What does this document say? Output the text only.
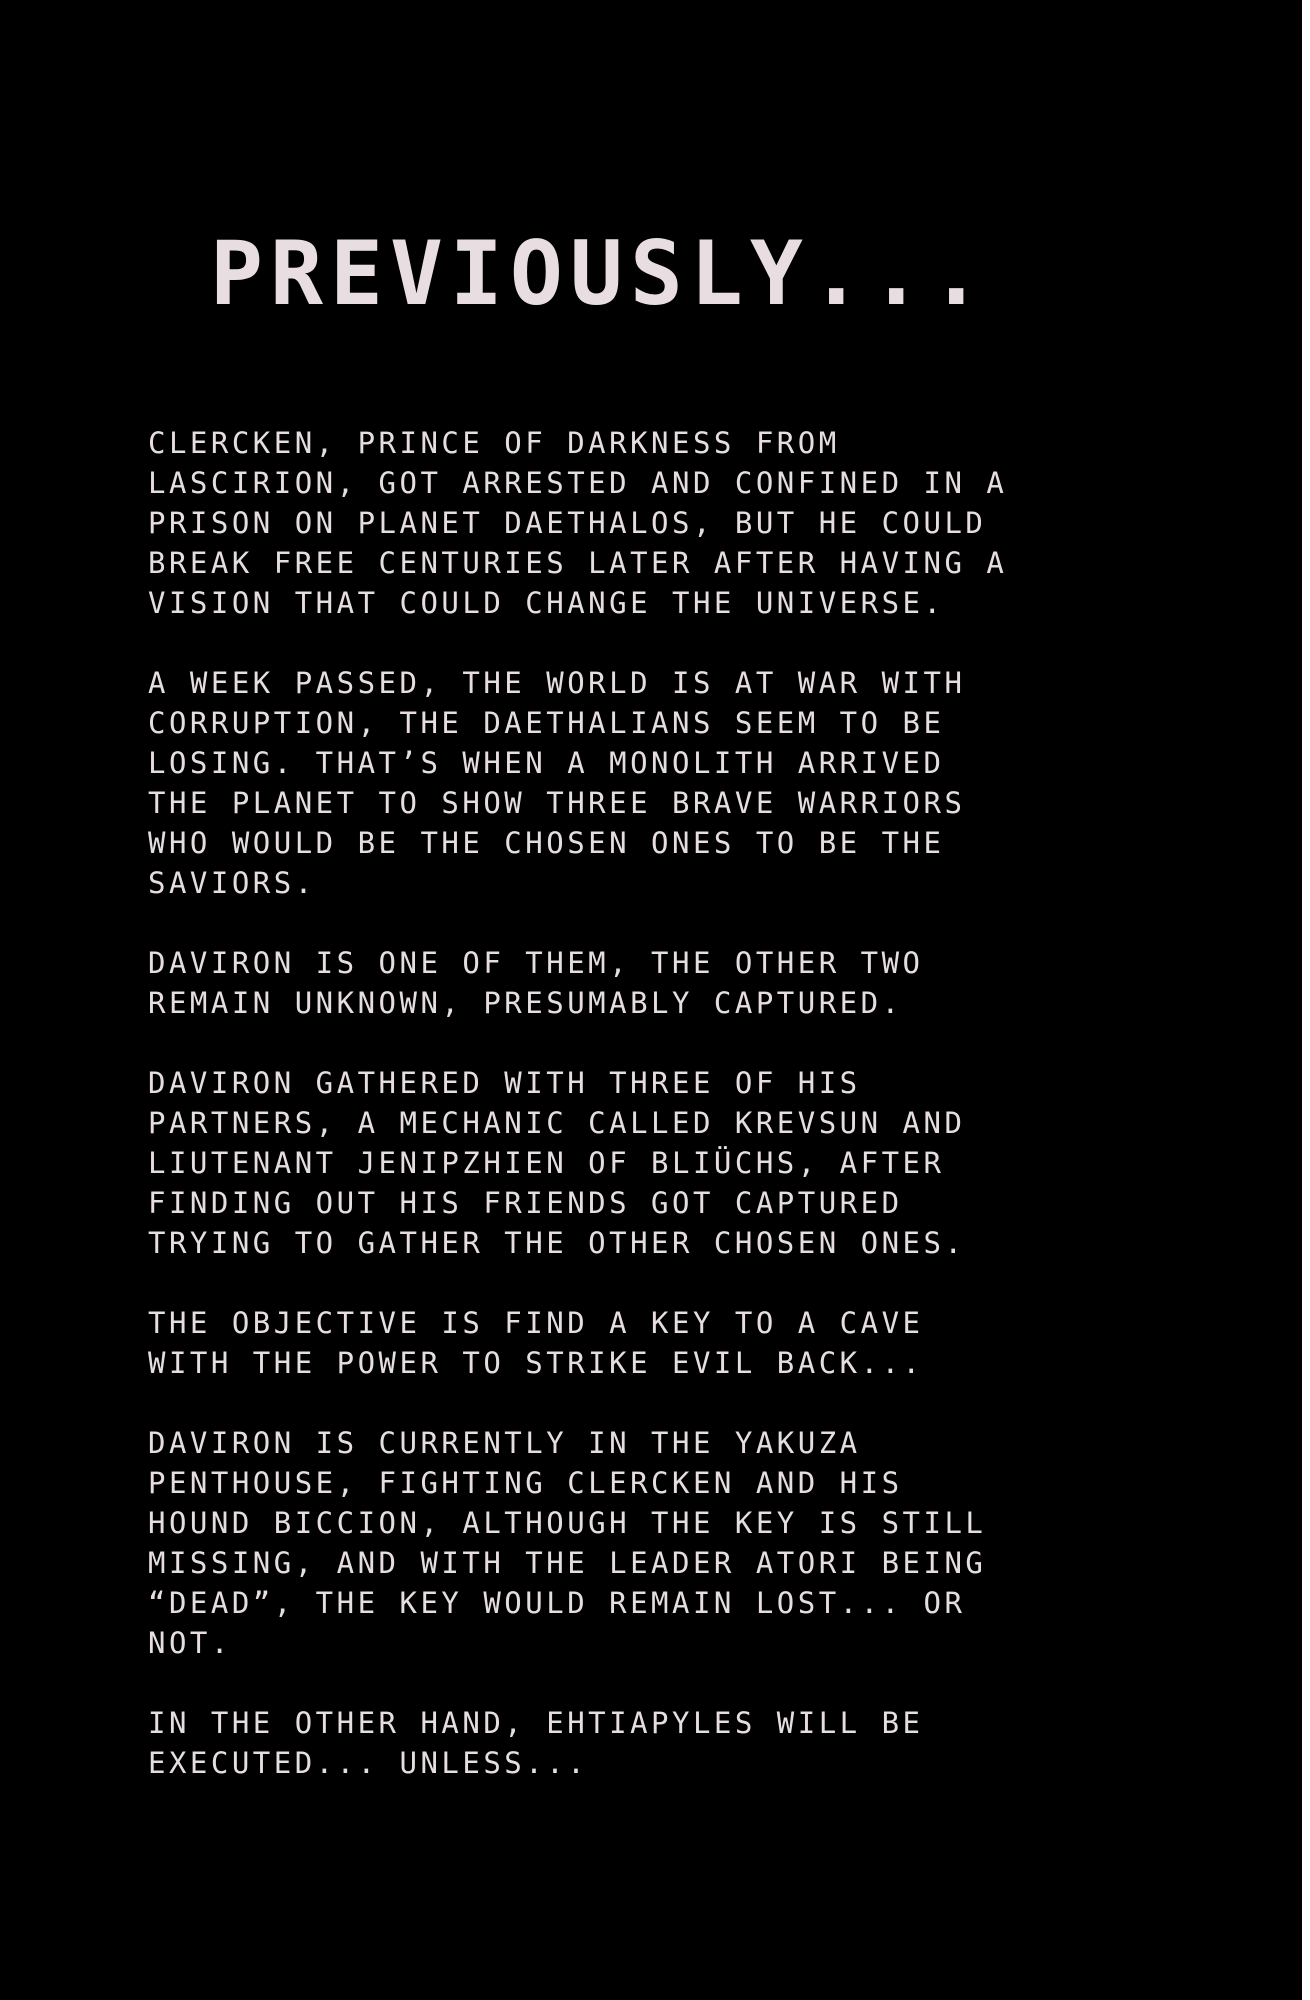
PREVIOUSLY...

CLERCKEN, PRINCE OF DARKNESS FROM
LASCIRION, GOT ARRESTED AND CONFINED IN A
PRISON ON PLANET DAETHALOS, BUT HE COULD
BREAK FREE CENTURIES LATER AFTER HAVING A
VISION THAT COULD CHANGE THE UNIVERSE.

A WEEK PASSED, THE WORLD IS AT WAR WITH
CORRUPTION, THE DAETHALIANS SEEM TO BE
LOSING. THAT’S WHEN A MONOLITH ARRIVED
THE PLANET TO SHOW THREE BRAVE WARRIORS
WHO WOULD BE THE CHOSEN ONES TO BE THE
SAVIORS.

DAVIRON IS ONE OF THEM, THE OTHER TWO
REMAIN UNKNOWN, PRESUMABLY CAPTURED.

DAVIRON GATHERED WITH THREE OF HIS
PARTNERS, A MECHANIC CALLED KREVSUN AND
LIUTENANT JENIPZHIEN OF BLIÜCHS, AFTER
FINDING OUT HIS FRIENDS GOT CAPTURED
TRYING TO GATHER THE OTHER CHOSEN ONES.

THE OBJECTIVE IS FIND A KEY TO A CAVE
WITH THE POWER TO STRIKE EVIL BACK...

DAVIRON IS CURRENTLY IN THE YAKUZA
PENTHOUSE, FIGHTING CLERCKEN AND HIS
HOUND BICCION, ALTHOUGH THE KEY IS STILL
MISSING, AND WITH THE LEADER ATORI BEING
“DEAD”, THE KEY WOULD REMAIN LOST... OR
NOT.

IN THE OTHER HAND, EHTIAPYLES WILL BE
EXECUTED... UNLESS...
